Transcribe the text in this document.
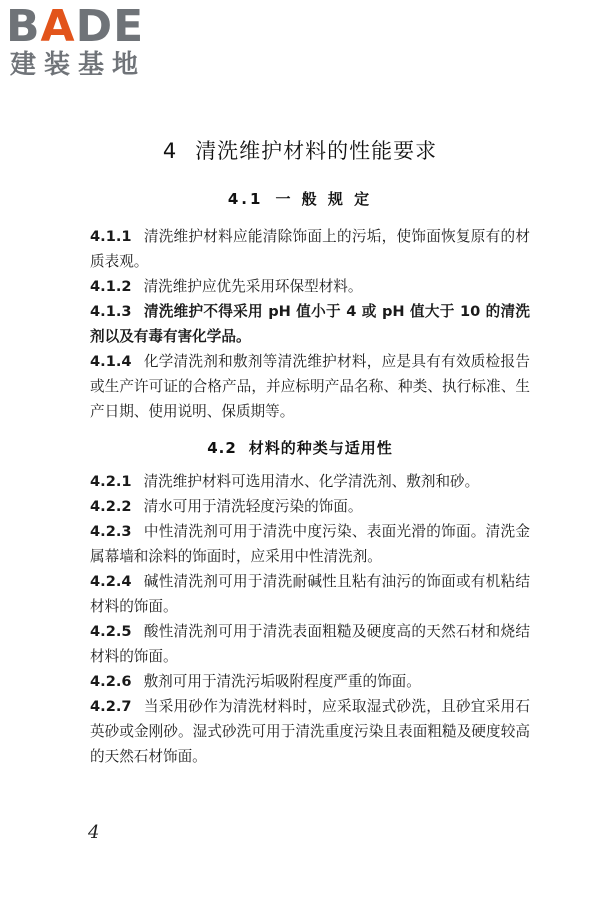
BADE
建装基地
4 清洗维护材料的性能要求
4.1 一 般 规 定
4.1.1 清洗维护材料应能清除饰面上的污垢，使饰面恢复原有的材质表观。
4.1.2 清洗维护应优先采用环保型材料。
4.1.3 清洗维护不得采用 pH 值小于 4 或 pH 值大于 10 的清洗剂以及有毒有害化学品。
4.1.4 化学清洗剂和敷剂等清洗维护材料，应是具有有效质检报告或生产许可证的合格产品，并应标明产品名称、种类、执行标准、生产日期、使用说明、保质期等。
4.2 材料的种类与适用性
4.2.1 清洗维护材料可选用清水、化学清洗剂、敷剂和砂。
4.2.2 清水可用于清洗轻度污染的饰面。
4.2.3 中性清洗剂可用于清洗中度污染、表面光滑的饰面。清洗金属幕墙和涂料的饰面时，应采用中性清洗剂。
4.2.4 碱性清洗剂可用于清洗耐碱性且粘有油污的饰面或有机粘结材料的饰面。
4.2.5 酸性清洗剂可用于清洗表面粗糙及硬度高的天然石材和烧结材料的饰面。
4.2.6 敷剂可用于清洗污垢吸附程度严重的饰面。
4.2.7 当采用砂作为清洗材料时，应采取湿式砂洗，且砂宜采用石英砂或金刚砂。湿式砂洗可用于清洗重度污染且表面粗糙及硬度较高的天然石材饰面。
4
